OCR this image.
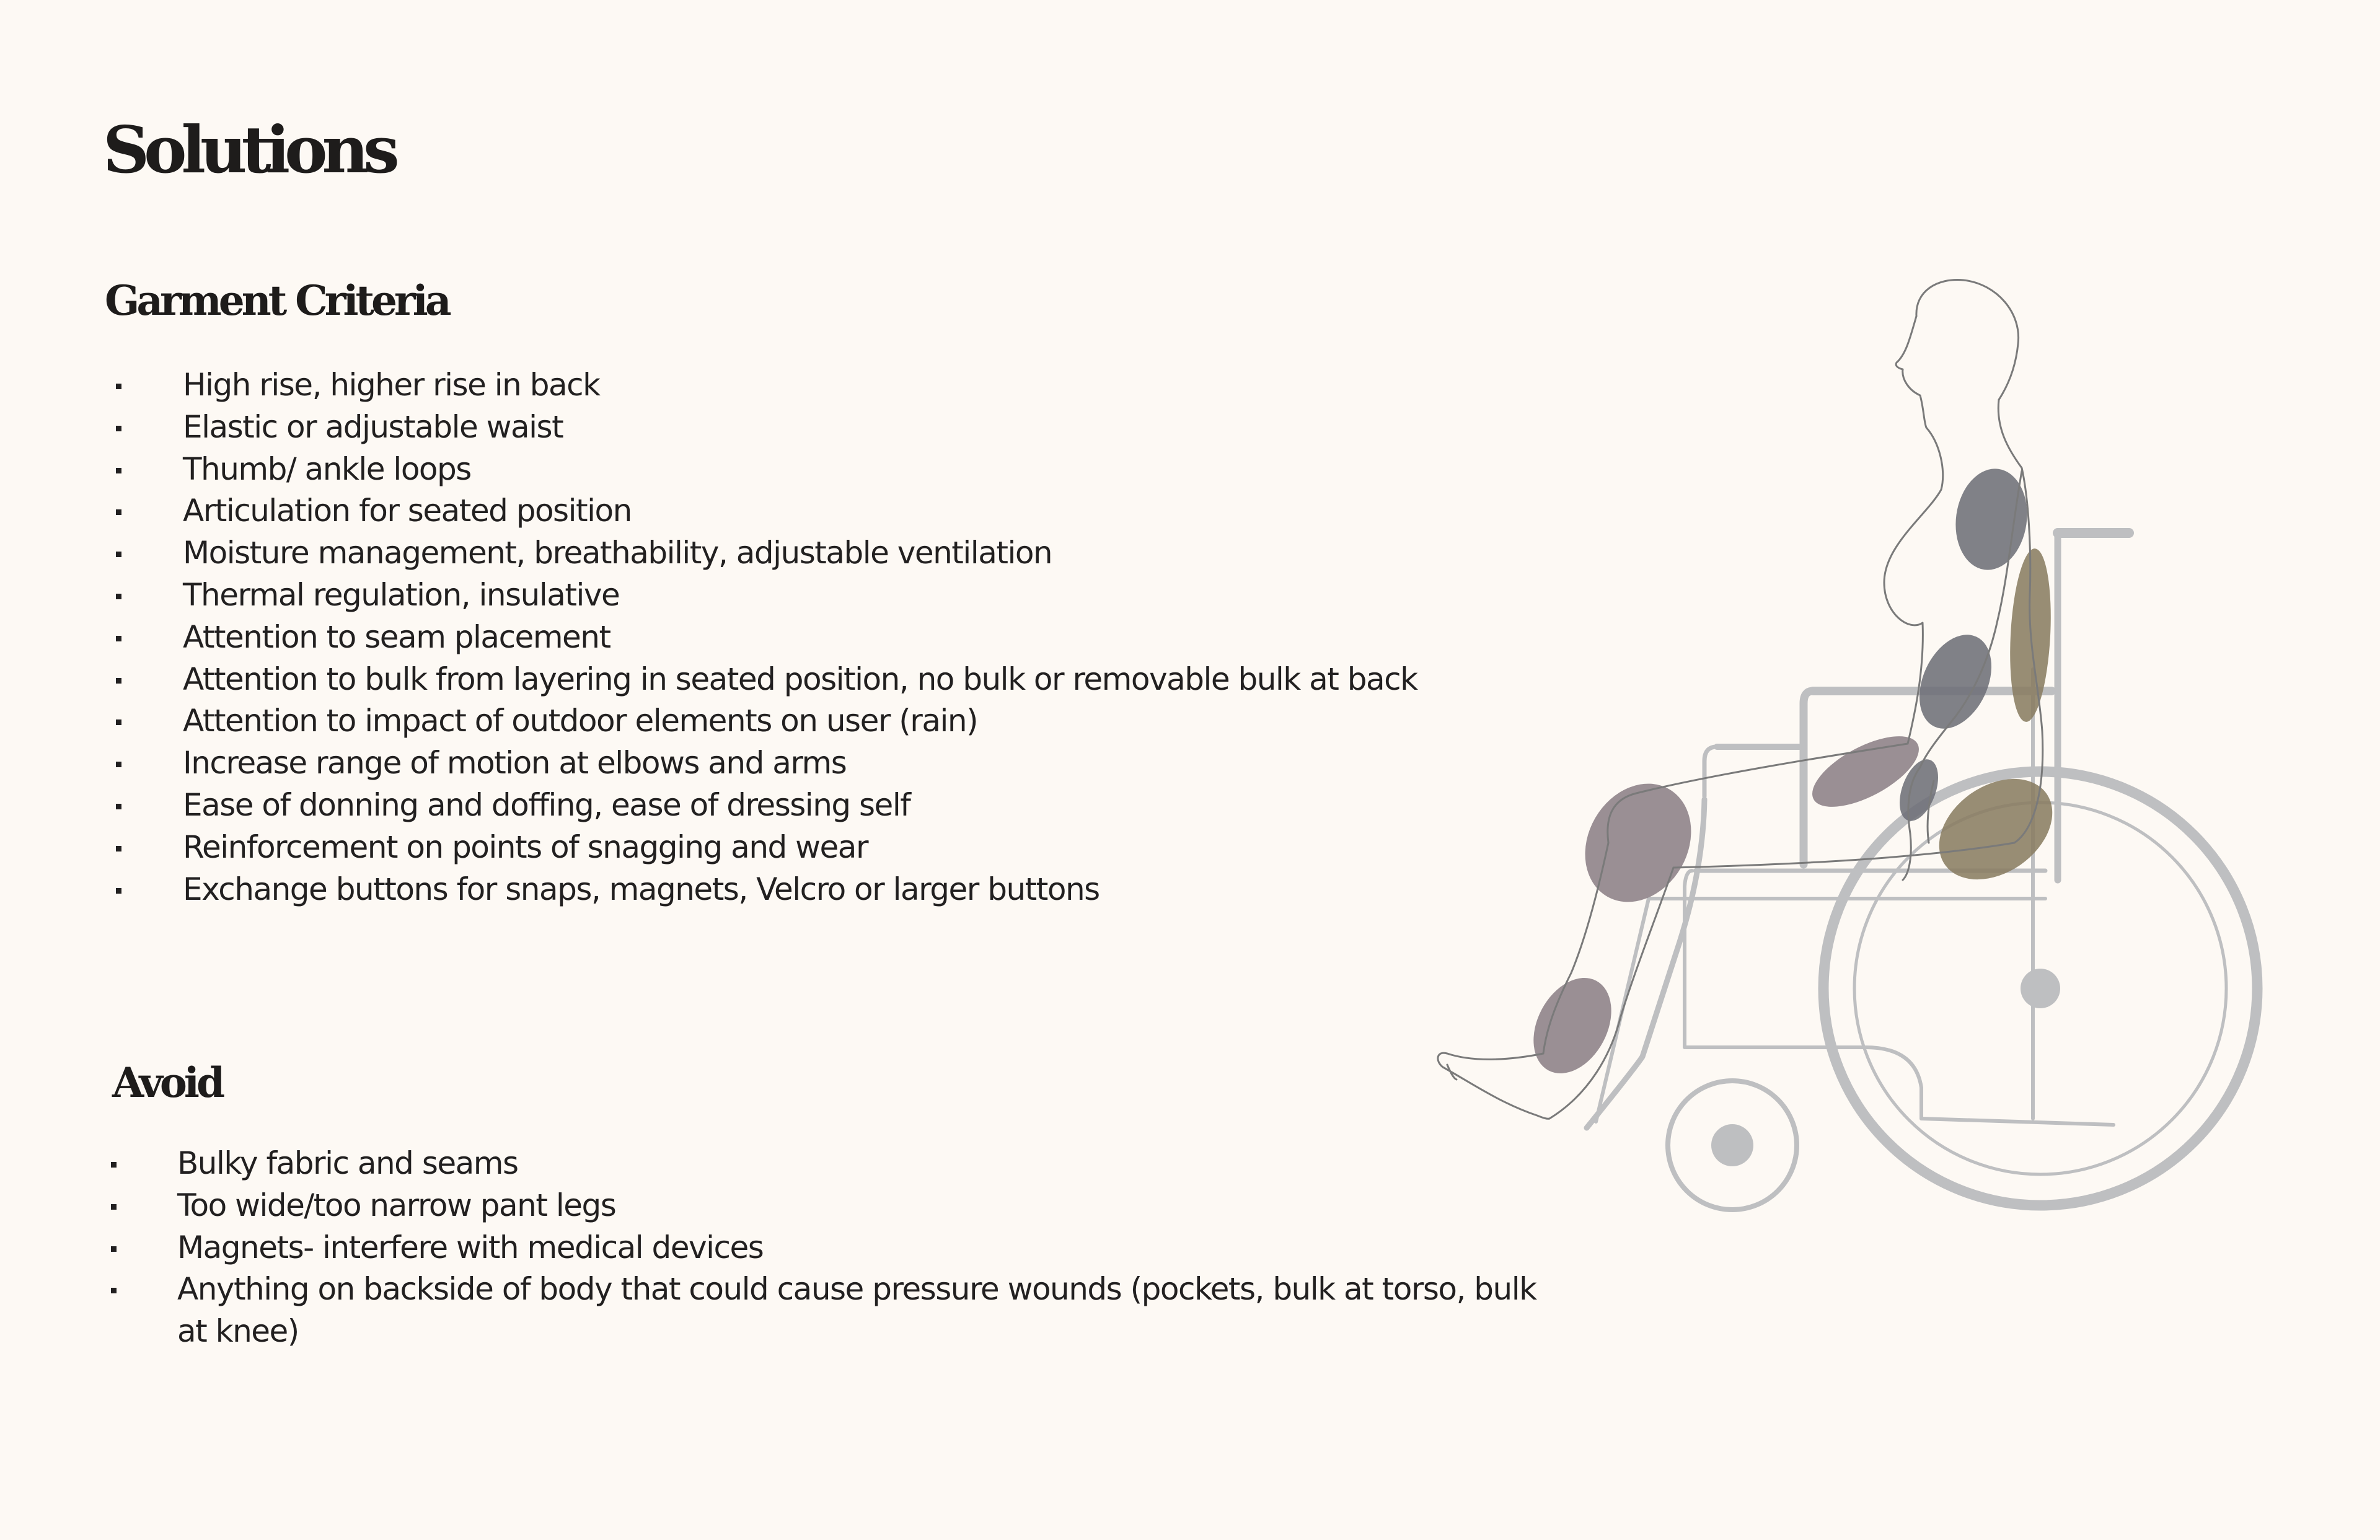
Solutions
Garment Criteria
High rise, higher rise in back
Elastic or adjustable waist
Thumb/ ankle loops
Articulation for seated position
Moisture management, breathability, adjustable ventilation
Thermal regulation, insulative
Attention to seam placement
Attention to bulk from layering in seated position, no bulk or removable bulk at back
Attention to impact of outdoor elements on user (rain)
Increase range of motion at elbows and arms
Ease of donning and doffing, ease of dressing self
Reinforcement on points of snagging and wear
Exchange buttons for snaps, magnets, Velcro or larger buttons
Avoid
Bulky fabric and seams
Too wide/too narrow pant legs
Magnets- interfere with medical devices
Anything on backside of body that could cause pressure wounds (pockets, bulk at torso, bulk at knee)
